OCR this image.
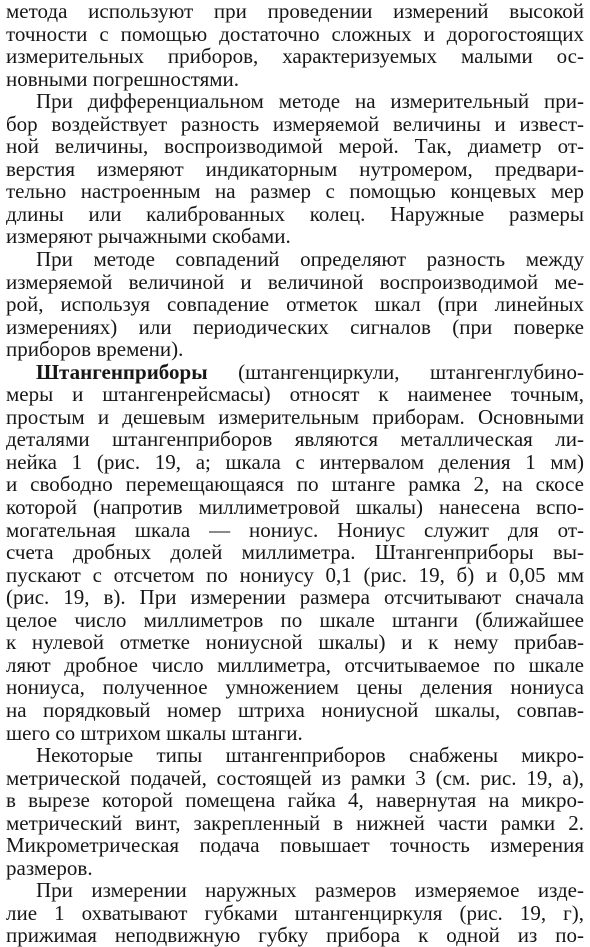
метода используют при проведении измерений высокой
точности с помощью достаточно сложных и дорогостоящих
измерительных приборов, характеризуемых малыми ос-
новными погрешностями.
При дифференциальном методе на измерительный при-
бор воздействует разность измеряемой величины и извест-
ной величины, воспроизводимой мерой. Так, диаметр от-
верстия измеряют индикаторным нутромером, предвари-
тельно настроенным на размер с помощью концевых мер
длины или калиброванных колец. Наружные размеры
измеряют рычажными скобами.
При методе совпадений определяют разность между
измеряемой величиной и величиной воспроизводимой ме-
рой, используя совпадение отметок шкал (при линейных
измерениях) или периодических сигналов (при поверке
приборов времени).
Штангенприборы (штангенциркули, штангенглубино-
меры и штангенрейсмасы) относят к наименее точным,
простым и дешевым измерительным приборам. Основными
деталями штангенприборов являются металлическая ли-
нейка 1 (рис. 19, а; шкала с интервалом деления 1 мм)
и свободно перемещающаяся по штанге рамка 2, на скосе
которой (напротив миллиметровой шкалы) нанесена вспо-
могательная шкала — нониус. Нониус служит для от-
счета дробных долей миллиметра. Штангенприборы вы-
пускают с отсчетом по нониусу 0,1 (рис. 19, б) и 0,05 мм
(рис. 19, в). При измерении размера отсчитывают сначала
целое число миллиметров по шкале штанги (ближайшее
к нулевой отметке нониусной шкалы) и к нему прибав-
ляют дробное число миллиметра, отсчитываемое по шкале
нониуса, полученное умножением цены деления нониуса
на порядковый номер штриха нониусной шкалы, совпав-
шего со штрихом шкалы штанги.
Некоторые типы штангенприборов снабжены микро-
метрической подачей, состоящей из рамки 3 (см. рис. 19, а),
в вырезе которой помещена гайка 4, навернутая на микро-
метрический винт, закрепленный в нижней части рамки 2.
Микрометрическая подача повышает точность измерения
размеров.
При измерении наружных размеров измеряемое изде-
лие 1 охватывают губками штангенциркуля (рис. 19, г),
прижимая неподвижную губку прибора к одной из по-
